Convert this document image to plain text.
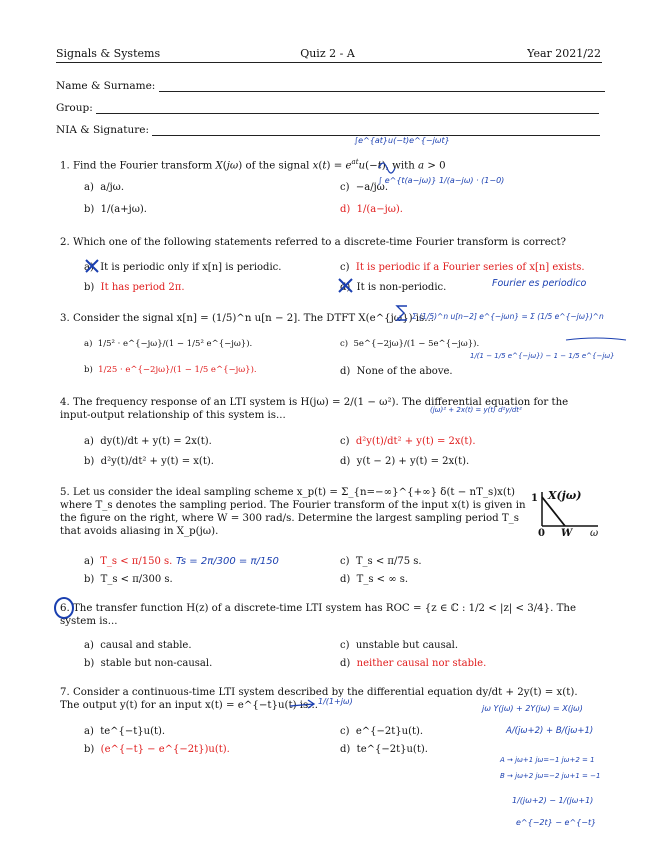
Signals & Systems	Quiz 2 - A	Year 2021/22
Name & Surname:
Group:
NIA & Signature:
1. Find the Fourier transform X(jω) of the signal $x(t) = e^{at}u(-t)$, with a > 0
a)  a/jω.
b)  1/(a+jω).
c)  −a/jω.
d)  1/(a−jω).
2. Which one of the following statements referred to a discrete-time Fourier transform is correct?
a)  It is periodic only if x[n] is periodic.
b) It has period 2π.
c) It is periodic if a Fourier series of x[n] exists.
d)  It is non-periodic.
3. Consider the signal x[n] = (1/5)^n u[n − 2]. The DTFT X(e^{jω}) is...
a)  1/5² · e^{−jω}/(1 − 1/5² e^{−jω}).
b) 1/25 · e^{−2jω}/(1 − 1/5 e^{−jω}).
c)  5e^{−2jω}/(1 − 5e^{−jω}).
d)  None of the above.
4. The frequency response of an LTI system is H(jω) = 2/(1 − ω²). The differential equation for the input-output relationship of this system is...
a)  dy(t)/dt + y(t) = 2x(t).
b)  d²y(t)/dt² + y(t) = x(t).
c) d²y(t)/dt² + y(t) = 2x(t).
d)  y(t − 2) + y(t) = 2x(t).
5. Let us consider the ideal sampling scheme x_p(t) = Σ_{n=−∞}^{+∞} δ(t − nT_s)x(t) where T_s denotes the sampling period. The Fourier transform of the input x(t) is given in the figure on the right, where W = 300 rad/s. Determine the largest sampling period T_s that avoids aliasing in X_p(jω).
1 X(jω)
0 W ω
a) T_s < π/150 s.
b)  T_s < π/300 s.
c)  T_s < π/75 s.
d)  T_s < ∞ s.
6. The transfer function H(z) of a discrete-time LTI system has ROC = {z ∈ ℂ : 1/2 < |z| < 3/4}. The system is...
a)  causal and stable.
b)  stable but non-causal.
c)  unstable but causal.
d) neither causal nor stable.
7. Consider a continuous-time LTI system described by the differential equation dy/dt + 2y(t) = x(t). The output y(t) for an input x(t) = e^{−t}u(t) is...
a)  te^{−t}u(t).
b) (e^{−t} − e^{−2t})u(t).
c)  e^{−2t}u(t).
d)  te^{−2t}u(t).
∫e^{at}u(−t)e^{−jωt}
∫ e^{t(a−jω)} 1/(a−jω) · (1−0)
Fourier es periodico
Σ (1/5)^n u[n−2] e^{−jωn} = Σ (1/5 e^{−jω})^n
1/(1 − 1/5 e^{−jω}) − 1 − 1/5 e^{−jω}
(jω)² + 2x(t) = y(t) d²y/dt²
Ts = 2π/300 = π/150
1/(1+jω)
jω Y(jω) + 2Y(jω) = X(jω)
A/(jω+2) + B/(jω+1)
A → jω+1 jω=−1 jω+2 = 1
B → jω+2 jω=−2 jω+1 = −1
1/(jω+2) − 1/(jω+1)
e^{−2t} − e^{−t}
